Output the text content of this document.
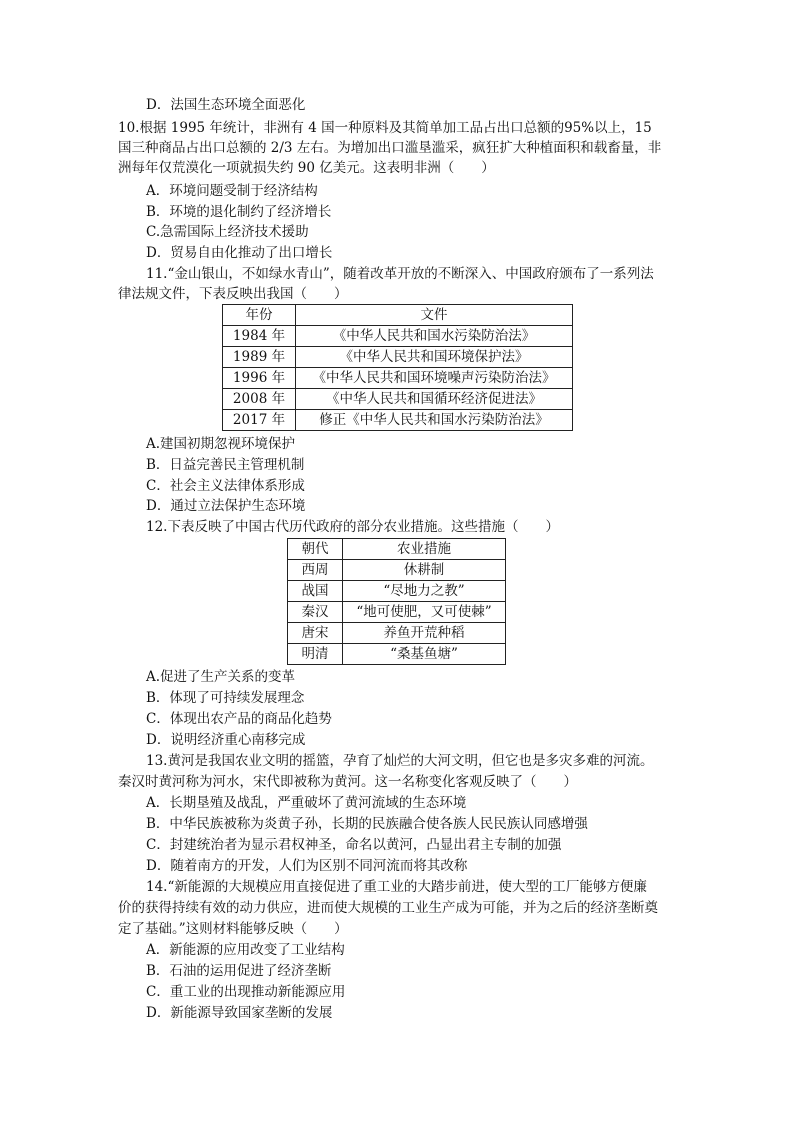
D．法国生态环境全面恶化
10.根据 1995 年统计，非洲有 4 国一种原料及其简单加工品占出口总额的95%以上，15
国三种商品占出口总额的 2/3 左右。为增加出口滥垦滥采，疯狂扩大种植面积和载畜量，非
洲每年仅荒漠化一项就损失约 90 亿美元。这表明非洲（　　）
A．环境问题受制于经济结构
B．环境的退化制约了经济增长
C.急需国际上经济技术援助
D．贸易自由化推动了出口增长
11.“金山银山，不如绿水青山”，随着改革开放的不断深入、中国政府颁布了一系列法
律法规文件，下表反映出我国（　　）
年份	文件
1984 年	《中华人民共和国水污染防治法》
1989 年	《中华人民共和国环境保护法》
1996 年	《中华人民共和国环境噪声污染防治法》
2008 年	《中华人民共和国循环经济促进法》
2017 年	修正《中华人民共和国水污染防治法》
A.建国初期忽视环境保护
B．日益完善民主管理机制
C．社会主义法律体系形成
D．通过立法保护生态环境
12.下表反映了中国古代历代政府的部分农业措施。这些措施（　　）
朝代	农业措施
西周	休耕制
战国	“尽地力之教”
秦汉	“地可使肥，又可使棘”
唐宋	养鱼开荒种稻
明清	“桑基鱼塘”
A.促进了生产关系的变革
B．体现了可持续发展理念
C．体现出农产品的商品化趋势
D．说明经济重心南移完成
13.黄河是我国农业文明的摇篮，孕育了灿烂的大河文明，但它也是多灾多难的河流。
秦汉时黄河称为河水，宋代即被称为黄河。这一名称变化客观反映了（　　）
A．长期垦殖及战乱，严重破坏了黄河流域的生态环境
B．中华民族被称为炎黄子孙，长期的民族融合使各族人民民族认同感增强
C．封建统治者为显示君权神圣，命名以黄河，凸显出君主专制的加强
D．随着南方的开发，人们为区别不同河流而将其改称
14.“新能源的大规模应用直接促进了重工业的大踏步前进，使大型的工厂能够方便廉
价的获得持续有效的动力供应，进而使大规模的工业生产成为可能，并为之后的经济垄断奠
定了基础。”这则材料能够反映（　　）
A．新能源的应用改变了工业结构
B．石油的运用促进了经济垄断
C．重工业的出现推动新能源应用
D．新能源导致国家垄断的发展
